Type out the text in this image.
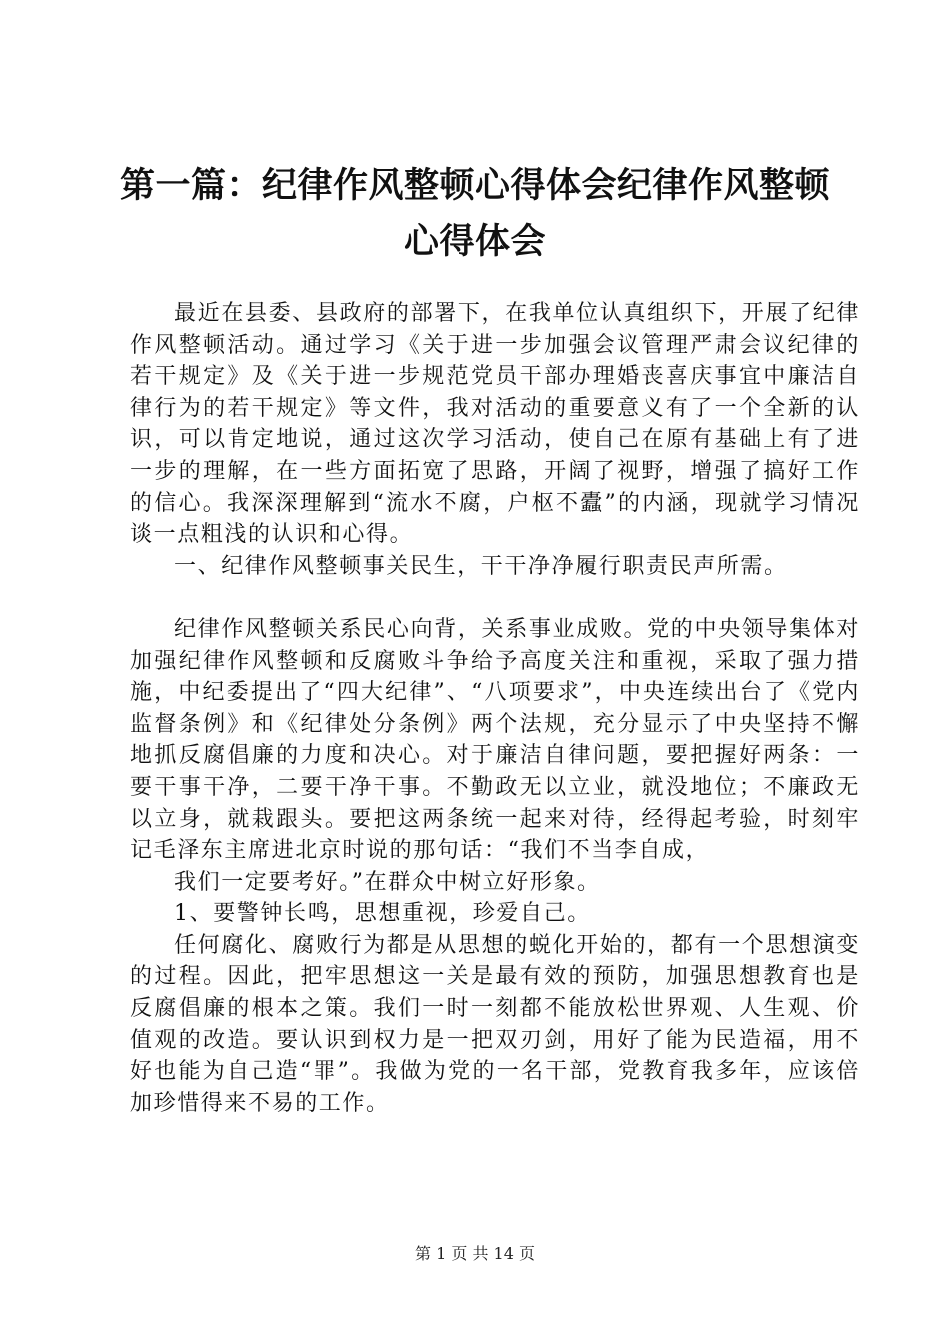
第一篇：纪律作风整顿心得体会纪律作风整顿
心得体会

最近在县委、县政府的部署下，在我单位认真组织下，开展了纪律作风整顿活动。通过学习《关于进一步加强会议管理严肃会议纪律的若干规定》及《关于进一步规范党员干部办理婚丧喜庆事宜中廉洁自律行为的若干规定》等文件，我对活动的重要意义有了一个全新的认识，可以肯定地说，通过这次学习活动，使自己在原有基础上有了进一步的理解，在一些方面拓宽了思路，开阔了视野，增强了搞好工作的信心。我深深理解到“流水不腐，户枢不蠹”的内涵，现就学习情况谈一点粗浅的认识和心得。

一、纪律作风整顿事关民生，干干净净履行职责民声所需。

纪律作风整顿关系民心向背，关系事业成败。党的中央领导集体对加强纪律作风整顿和反腐败斗争给予高度关注和重视，采取了强力措施，中纪委提出了“四大纪律”、“八项要求”，中央连续出台了《党内监督条例》和《纪律处分条例》两个法规，充分显示了中央坚持不懈地抓反腐倡廉的力度和决心。对于廉洁自律问题，要把握好两条：一要干事干净，二要干净干事。不勤政无以立业，就没地位；不廉政无以立身，就栽跟头。要把这两条统一起来对待，经得起考验，时刻牢记毛泽东主席进北京时说的那句话：“我们不当李自成，

我们一定要考好。”在群众中树立好形象。

1、要警钟长鸣，思想重视，珍爱自己。

任何腐化、腐败行为都是从思想的蜕化开始的，都有一个思想演变的过程。因此，把牢思想这一关是最有效的预防，加强思想教育也是反腐倡廉的根本之策。我们一时一刻都不能放松世界观、人生观、价值观的改造。要认识到权力是一把双刃剑，用好了能为民造福，用不好也能为自己造“罪”。我做为党的一名干部，党教育我多年，应该倍加珍惜得来不易的工作。

第 1 页 共 14 页
